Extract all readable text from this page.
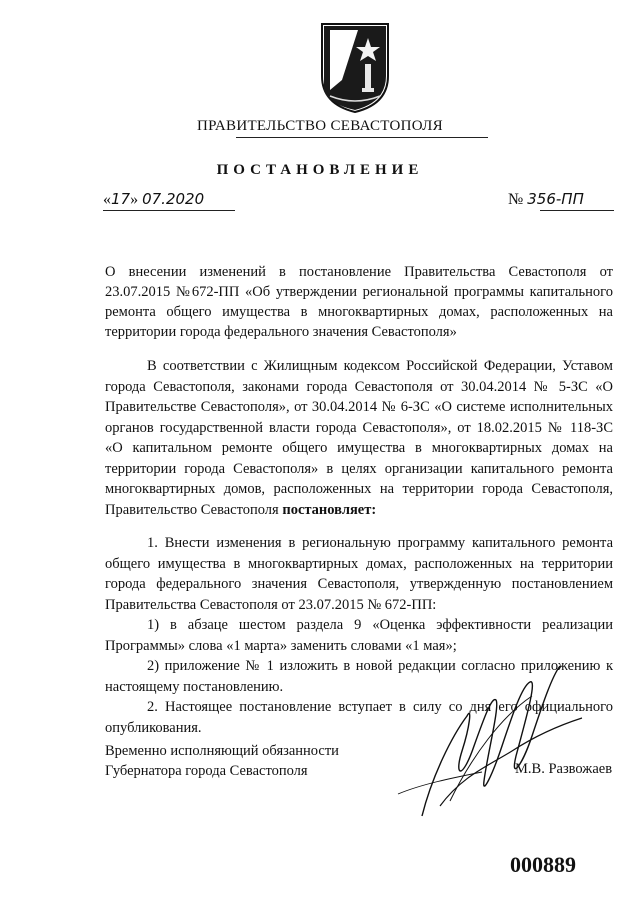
ПРАВИТЕЛЬСТВО СЕВАСТОПОЛЯ
ПОСТАНОВЛЕНИЕ
«17» 07.2020	№ 356-ПП

О внесении изменений в постановление Правительства Севастополя от 23.07.2015 №672-ПП «Об утверждении региональной программы капитального ремонта общего имущества в многоквартирных домах, расположенных на территории города федерального значения Севастополя»

В соответствии с Жилищным кодексом Российской Федерации, Уставом города Севастополя, законами города Севастополя от 30.04.2014 № 5-ЗС «О Правительстве Севастополя», от 30.04.2014 № 6-ЗС «О системе исполнительных органов государственной власти города Севастополя», от 18.02.2015 № 118-ЗС «О капитальном ремонте общего имущества в многоквартирных домах на территории города Севастополя» в целях организации капитального ремонта многоквартирных домов, расположенных на территории города Севастополя, Правительство Севастополя постановляет:

1. Внести изменения в региональную программу капитального ремонта общего имущества в многоквартирных домах, расположенных на территории города федерального значения Севастополя, утвержденную постановлением Правительства Севастополя от 23.07.2015 № 672-ПП:

1) в абзаце шестом раздела 9 «Оценка эффективности реализации Программы» слова «1 марта» заменить словами «1 мая»;

2) приложение № 1 изложить в новой редакции согласно приложению к настоящему постановлению.

2. Настоящее постановление вступает в силу со дня его официального опубликования.

Временно исполняющий обязанности
Губернатора города Севастополя	М.В. Развожаев
000889
